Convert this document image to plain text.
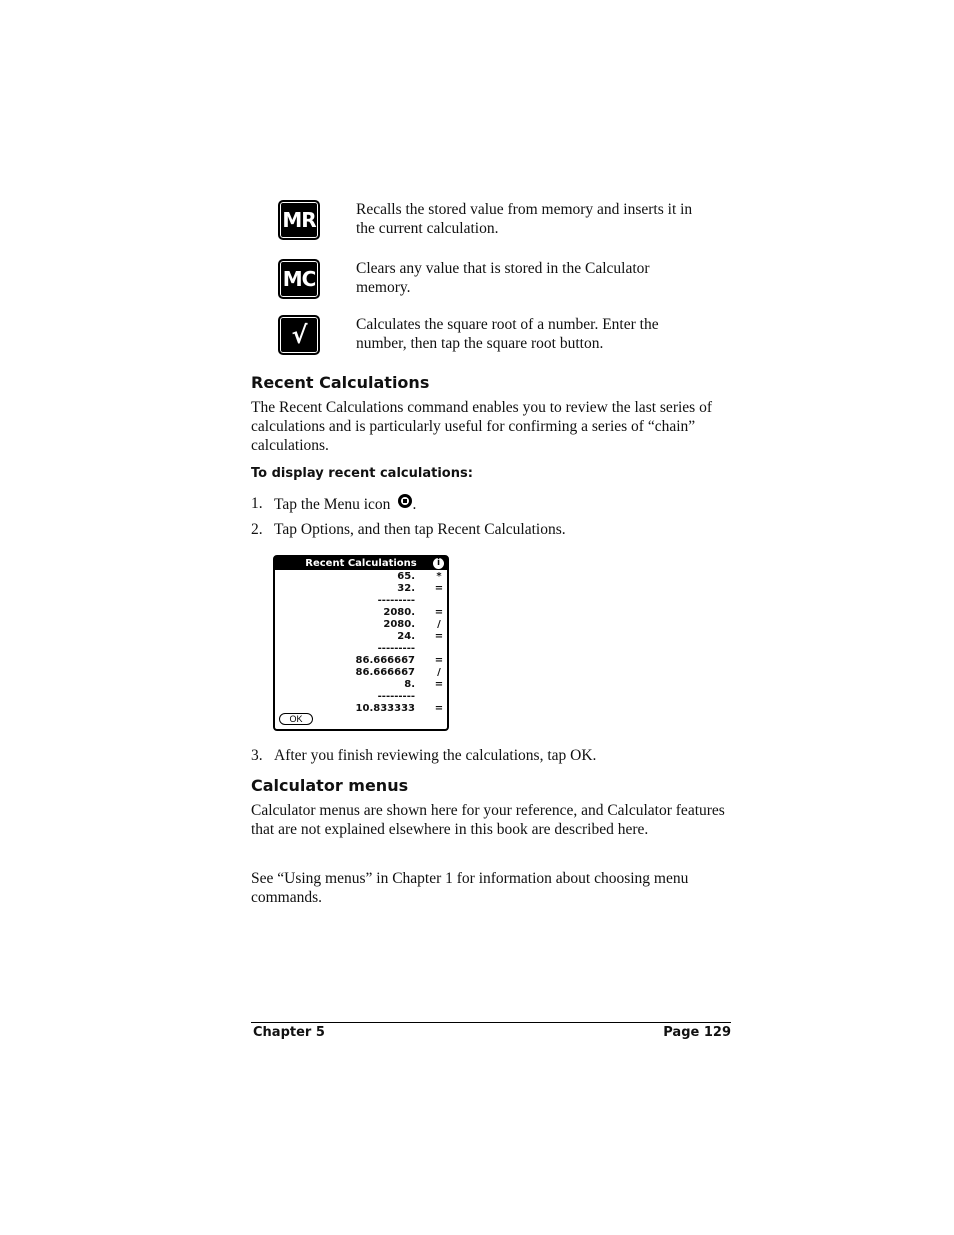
MR	Recalls the stored value from memory and inserts it in the current calculation.
MC	Clears any value that is stored in the Calculator memory.
√	Calculates the square root of a number. Enter the number, then tap the square root button.
Recent Calculations

The Recent Calculations command enables you to review the last series of calculations and is particularly useful for confirming a series of “chain” calculations.

To display recent calculations:
1. Tap the Menu icon .
2. Tap Options, and then tap Recent Calculations.
Recent Calculations	i
65. *
32. =
---------
2080. =
2080.	/
24. =
---------
86.666667 =
86.666667	/
8. =
---------
10.833333 =
OK
3. After you finish reviewing the calculations, tap OK.
Calculator menus

Calculator menus are shown here for your reference, and Calculator features that are not explained elsewhere in this book are described here.

See “Using menus” in Chapter 1 for information about choosing menu commands.

Chapter 5	Page 129
